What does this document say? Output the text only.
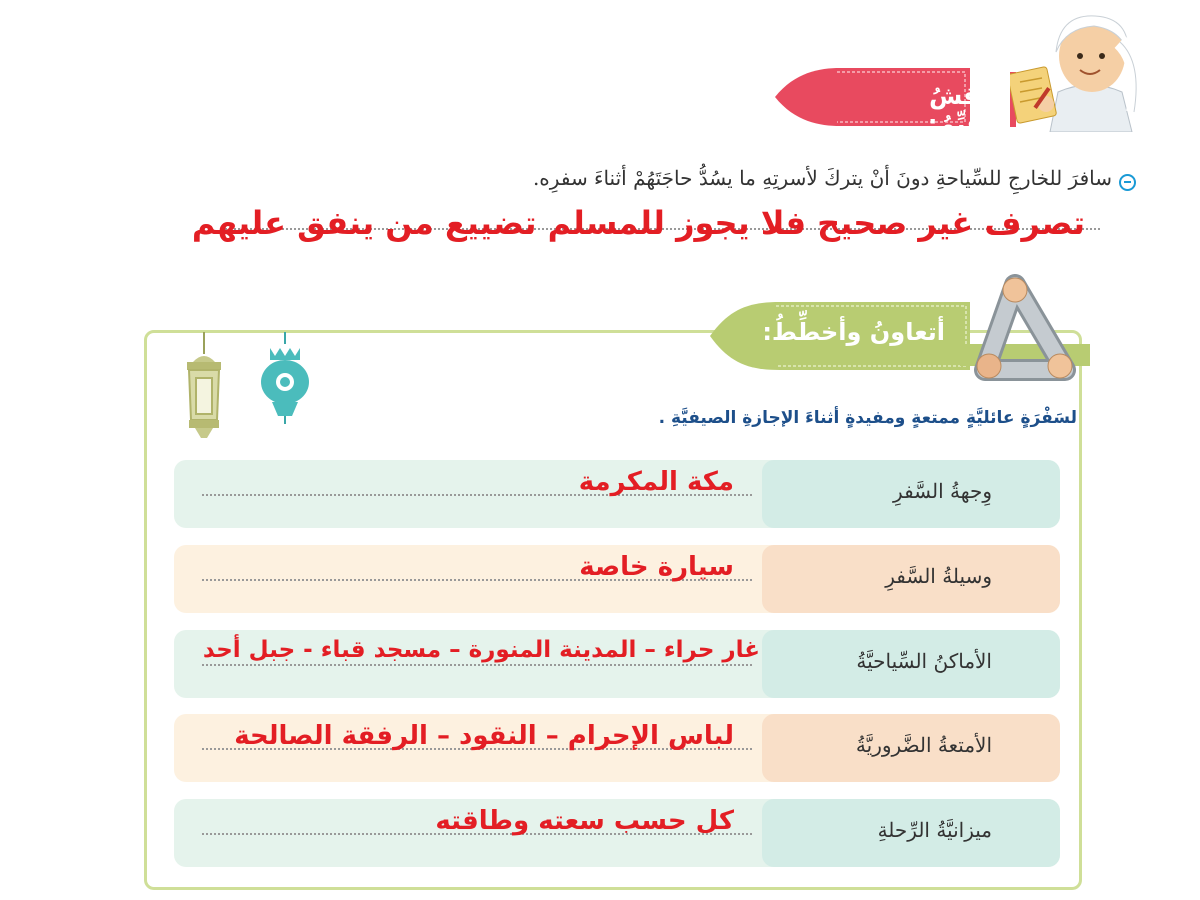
أناقشُ وأقيِّمُ:
سافرَ للخارجِ للسِّياحةِ دونَ أنْ يتركَ لأسرتِهِ ما يسُدُّ حاجَتَهُمْ أثناءَ سفرِه.
تصرف غير صحيح فلا يجوز للمسلم تضييع من ينفق عليهم
أتعاونُ وأخطِّطُ:
لسَفْرَةٍ عائليَّةٍ ممتعةٍ ومفيدةٍ أثناءَ الإجازةِ الصيفيَّةِ .
وِجهةُ السَّفرِ
مكة المكرمة
وسيلةُ السَّفرِ
سيارة خاصة
الأماكنُ السِّياحيَّةُ
غار حراء – المدينة المنورة – مسجد قباء - جبل أحد
الأمتعةُ الضَّروريَّةُ
لباس الإحرام – النقود – الرفقة الصالحة
ميزانيَّةُ الرِّحلةِ
كل حسب سعته وطاقته
